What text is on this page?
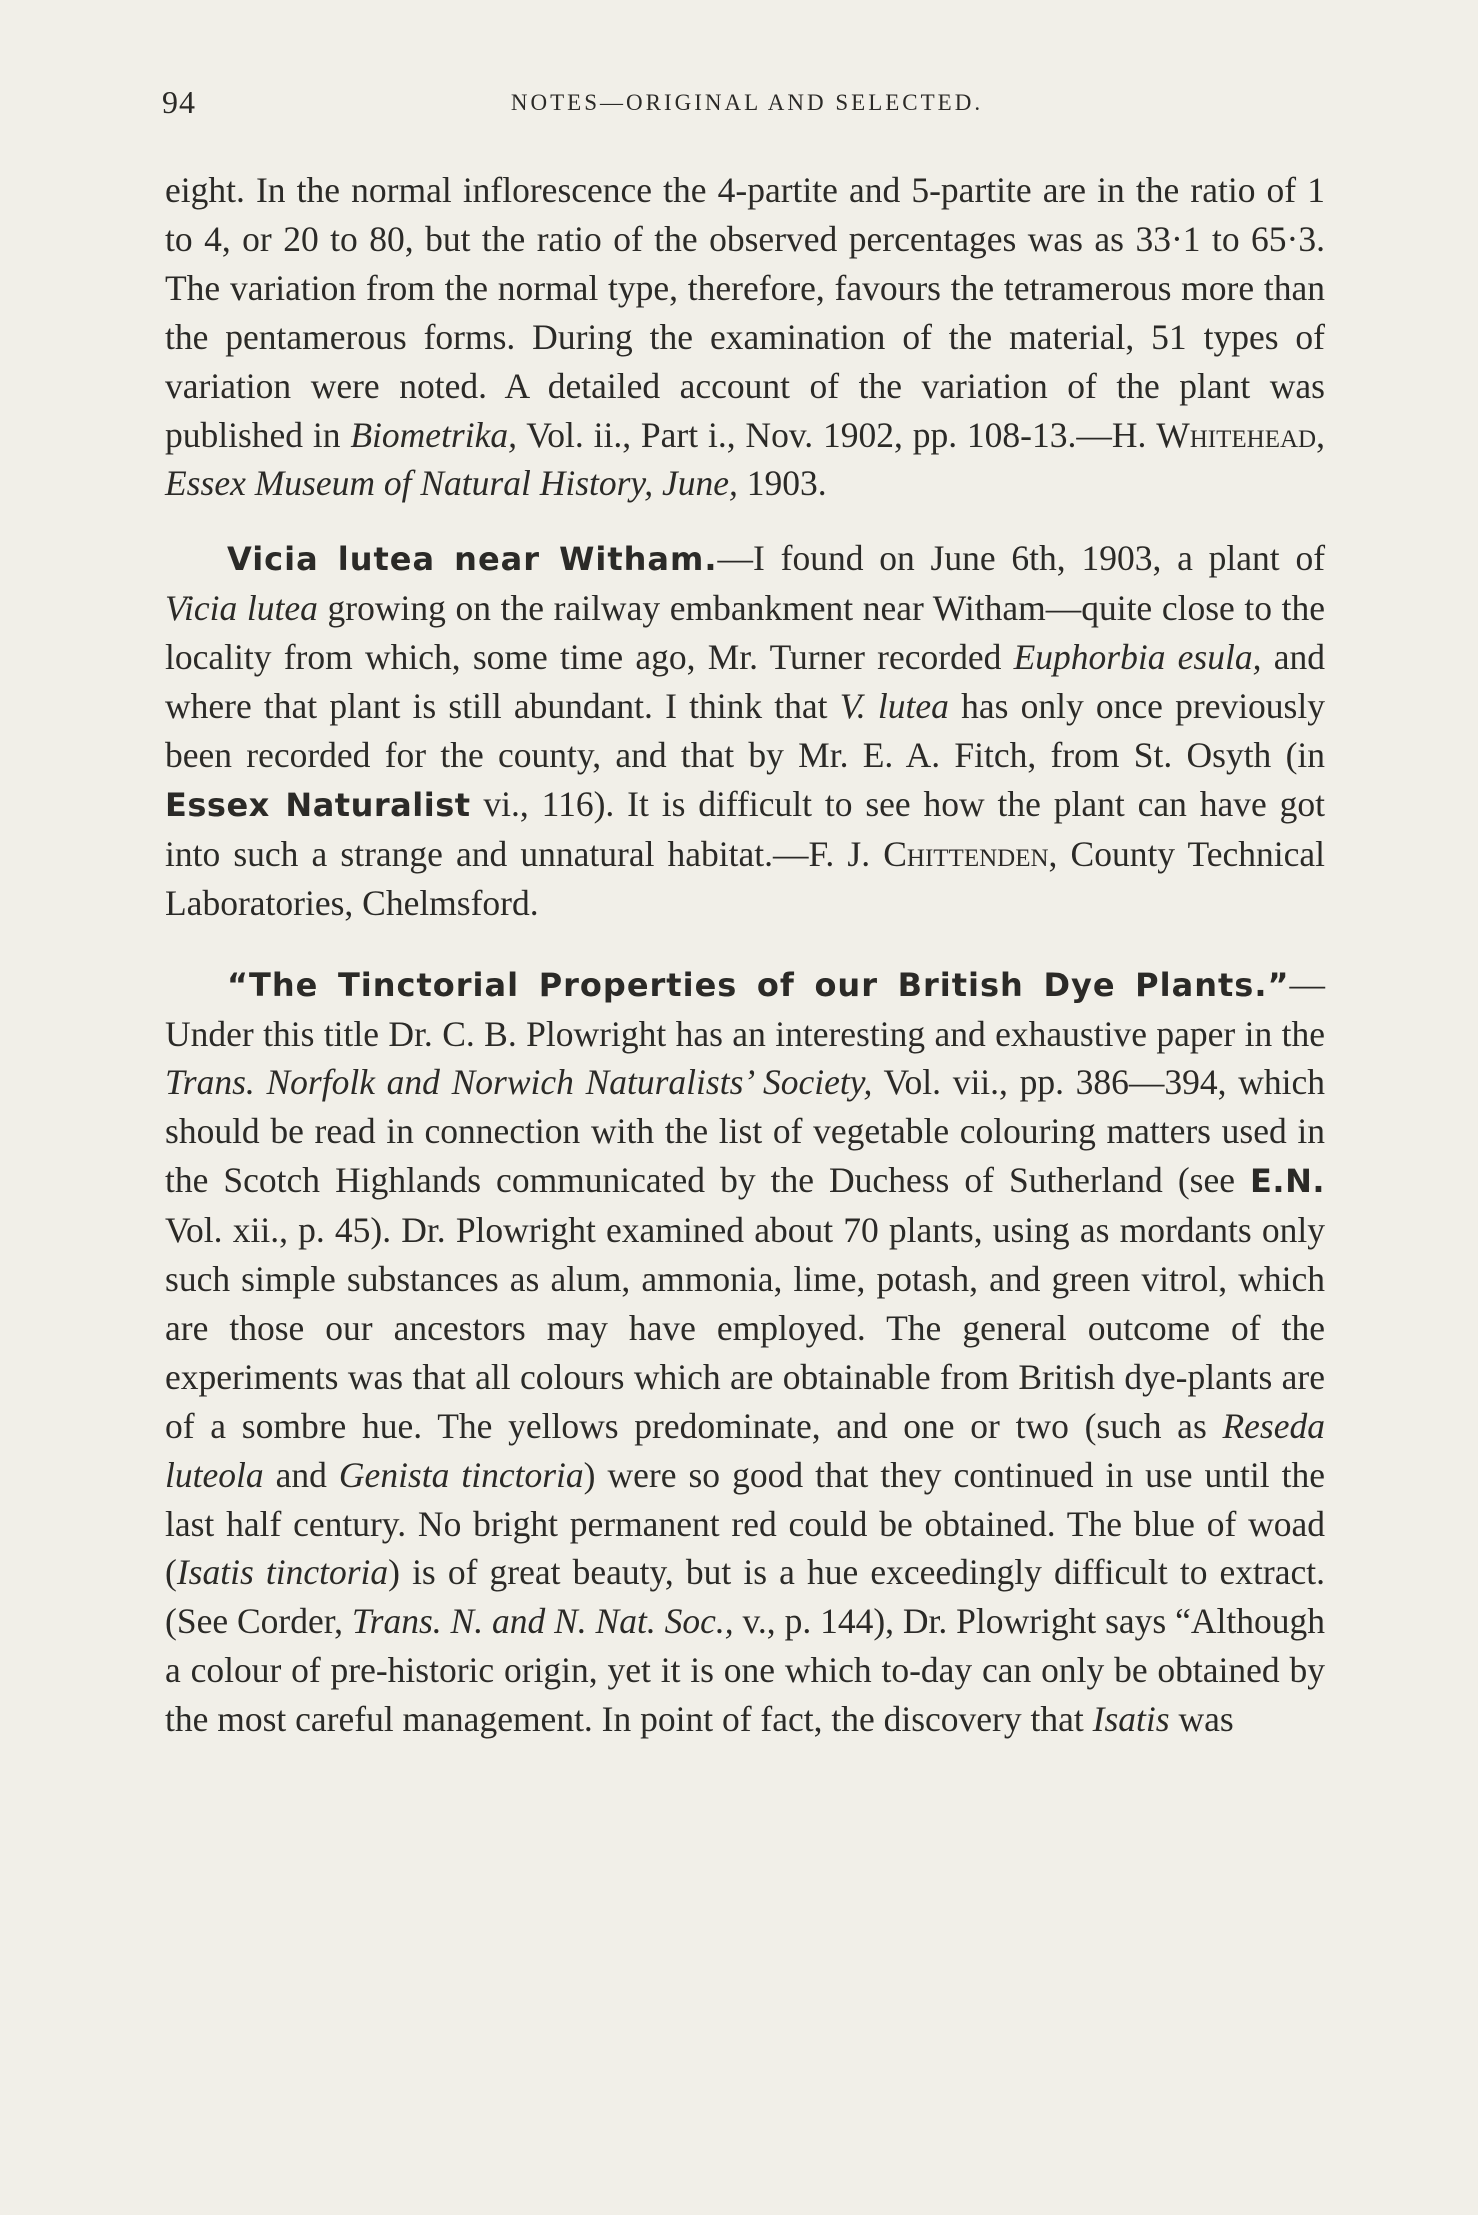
94	NOTES—ORIGINAL AND SELECTED.

eight. In the normal inflorescence the 4-partite and 5-partite are in the ratio of 1 to 4, or 20 to 80, but the ratio of the observed percentages was as 33·1 to 65·3. The variation from the normal type, therefore, favours the tetramerous more than the pentamerous forms. During the examination of the material, 51 types of variation were noted. A detailed account of the variation of the plant was published in Biometrika, Vol. ii., Part i., Nov. 1902, pp. 108-13.—H. Whitehead, Essex Museum of Natural History, June, 1903.

Vicia lutea near Witham.—I found on June 6th, 1903, a plant of Vicia lutea growing on the railway embankment near Witham—quite close to the locality from which, some time ago, Mr. Turner recorded Euphorbia esula, and where that plant is still abundant. I think that V. lutea has only once previously been recorded for the county, and that by Mr. E. A. Fitch, from St. Osyth (in Essex Naturalist vi., 116). It is difficult to see how the plant can have got into such a strange and unnatural habitat.—F. J. Chittenden, County Technical Laboratories, Chelmsford.

“The Tinctorial Properties of our British Dye Plants.”—Under this title Dr. C. B. Plowright has an interesting and exhaustive paper in the Trans. Norfolk and Norwich Naturalists’ Society, Vol. vii., pp. 386—394, which should be read in connection with the list of vegetable colouring matters used in the Scotch Highlands communicated by the Duchess of Sutherland (see E.N. Vol. xii., p. 45). Dr. Plowright examined about 70 plants, using as mordants only such simple substances as alum, ammonia, lime, potash, and green vitrol, which are those our ancestors may have employed. The general outcome of the experiments was that all colours which are obtainable from British dye-plants are of a sombre hue. The yellows predominate, and one or two (such as Reseda luteola and Genista tinctoria) were so good that they continued in use until the last half century. No bright permanent red could be obtained. The blue of woad (Isatis tinctoria) is of great beauty, but is a hue exceedingly difficult to extract. (See Corder, Trans. N. and N. Nat. Soc., v., p. 144), Dr. Plowright says “Although a colour of pre-historic origin, yet it is one which to-day can only be obtained by the most careful management. In point of fact, the discovery that Isatis was
